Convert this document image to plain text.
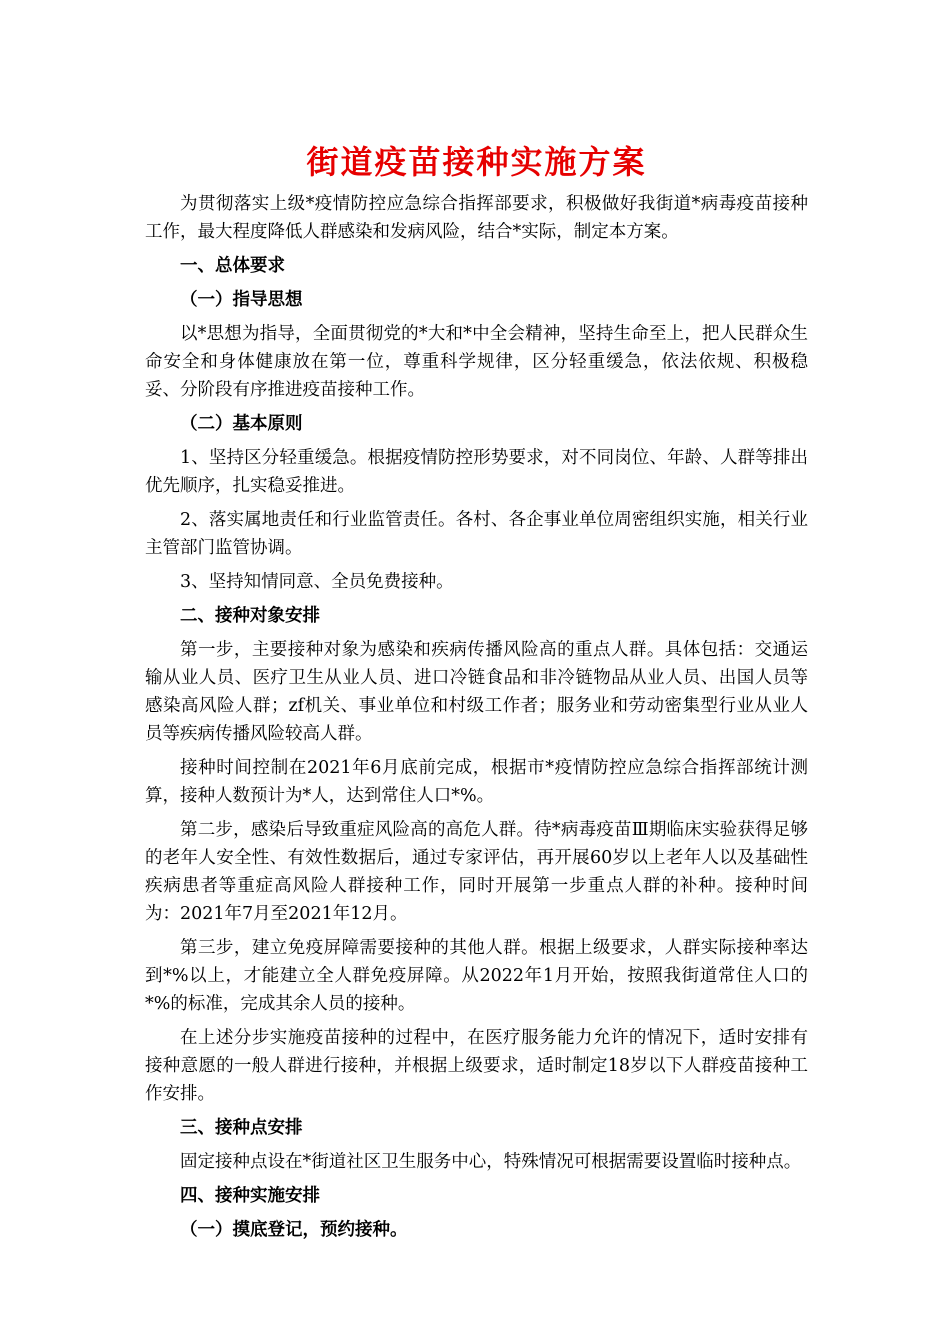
街道疫苗接种实施方案
为贯彻落实上级*疫情防控应急综合指挥部要求，积极做好我街道*病毒疫苗接种工作，最大程度降低人群感染和发病风险，结合*实际，制定本方案。
一、总体要求
（一）指导思想
以*思想为指导，全面贯彻党的*大和*中全会精神，坚持生命至上，把人民群众生命安全和身体健康放在第一位，尊重科学规律，区分轻重缓急，依法依规、积极稳妥、分阶段有序推进疫苗接种工作。
（二）基本原则
1、坚持区分轻重缓急。根据疫情防控形势要求，对不同岗位、年龄、人群等排出优先顺序，扎实稳妥推进。
2、落实属地责任和行业监管责任。各村、各企事业单位周密组织实施，相关行业主管部门监管协调。
3、坚持知情同意、全员免费接种。
二、接种对象安排
第一步，主要接种对象为感染和疾病传播风险高的重点人群。具体包括：交通运输从业人员、医疗卫生从业人员、进口冷链食品和非冷链物品从业人员、出国人员等感染高风险人群；zf机关、事业单位和村级工作者；服务业和劳动密集型行业从业人员等疾病传播风险较高人群。
接种时间控制在2021年6月底前完成，根据市*疫情防控应急综合指挥部统计测算，接种人数预计为*人，达到常住人口*%。
第二步，感染后导致重症风险高的高危人群。待*病毒疫苗Ⅲ期临床实验获得足够的老年人安全性、有效性数据后，通过专家评估，再开展60岁以上老年人以及基础性疾病患者等重症高风险人群接种工作，同时开展第一步重点人群的补种。接种时间为：2021年7月至2021年12月。
第三步，建立免疫屏障需要接种的其他人群。根据上级要求，人群实际接种率达到*%以上，才能建立全人群免疫屏障。从2022年1月开始，按照我街道常住人口的*%的标准，完成其余人员的接种。
在上述分步实施疫苗接种的过程中，在医疗服务能力允许的情况下，适时安排有接种意愿的一般人群进行接种，并根据上级要求，适时制定18岁以下人群疫苗接种工作安排。
三、接种点安排
固定接种点设在*街道社区卫生服务中心，特殊情况可根据需要设置临时接种点。
四、接种实施安排
（一）摸底登记，预约接种。
